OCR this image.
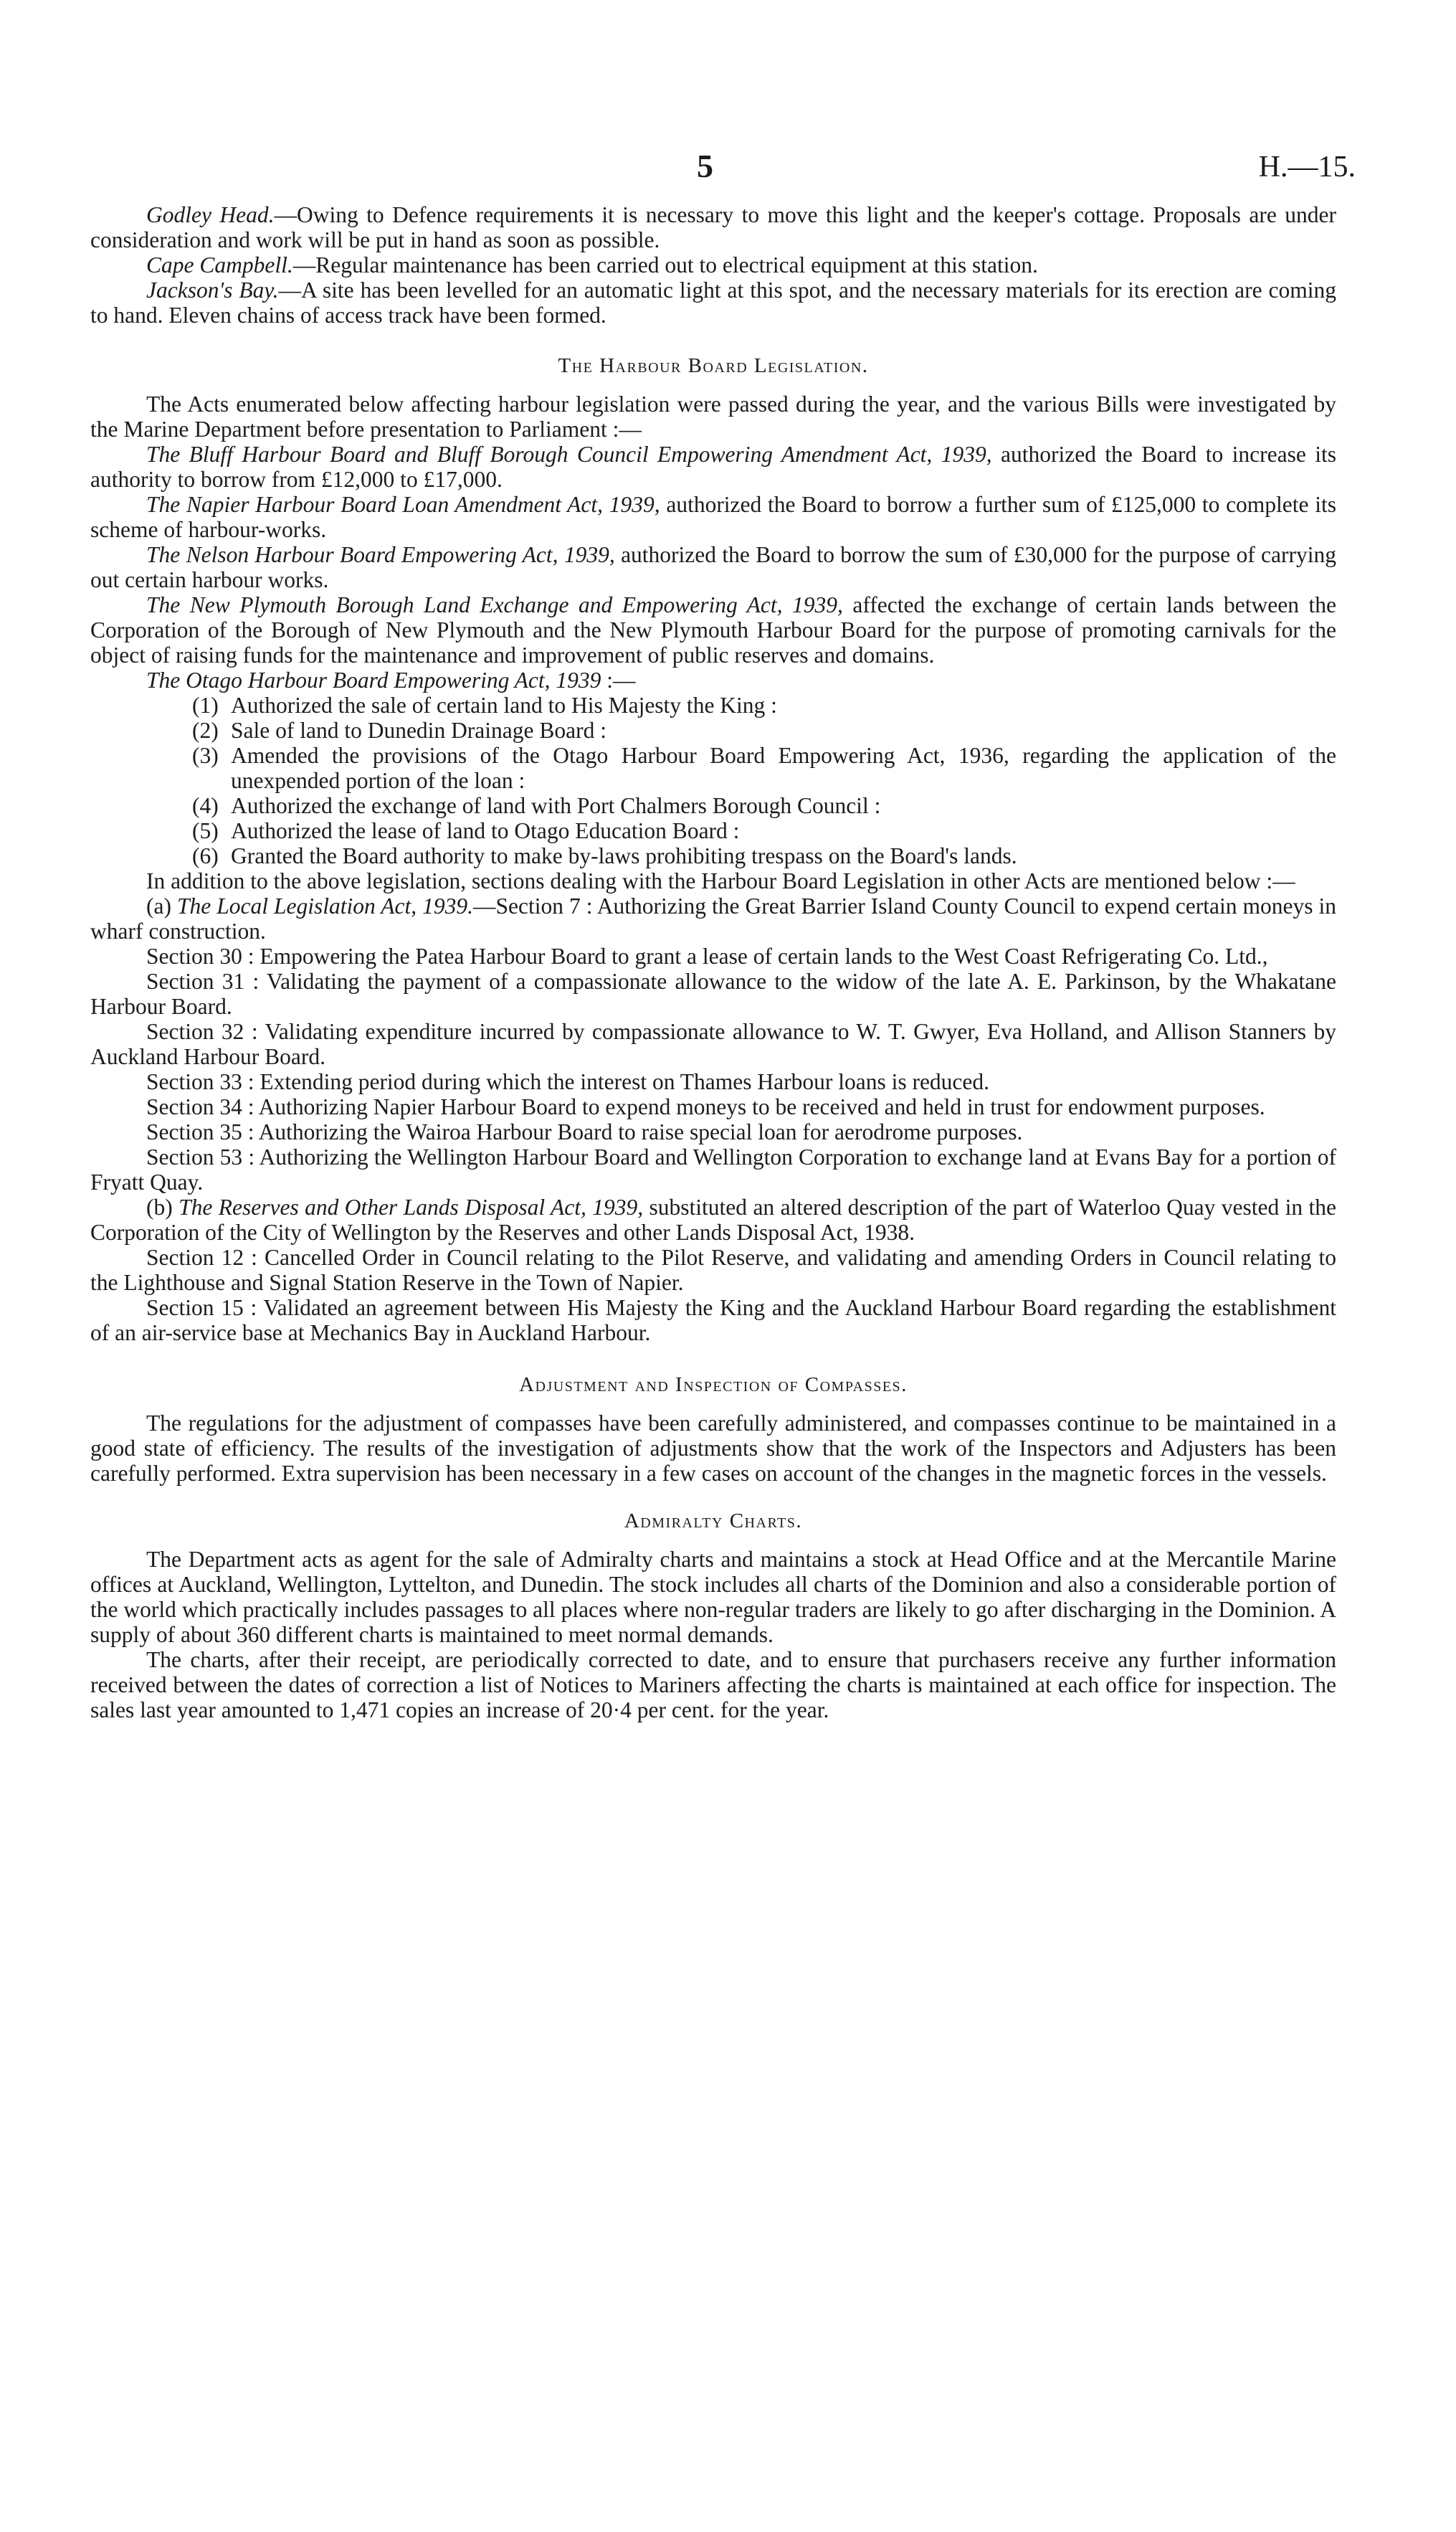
5	H.—15.

Godley Head.—Owing to Defence requirements it is necessary to move this light and the keeper's cottage. Proposals are under consideration and work will be put in hand as soon as possible.

Cape Campbell.—Regular maintenance has been carried out to electrical equipment at this station.

Jackson's Bay.—A site has been levelled for an automatic light at this spot, and the necessary materials for its erection are coming to hand. Eleven chains of access track have been formed.

The Harbour Board Legislation.

The Acts enumerated below affecting harbour legislation were passed during the year, and the various Bills were investigated by the Marine Department before presentation to Parliament :—

The Bluff Harbour Board and Bluff Borough Council Empowering Amendment Act, 1939, authorized the Board to increase its authority to borrow from £12,000 to £17,000.

The Napier Harbour Board Loan Amendment Act, 1939, authorized the Board to borrow a further sum of £125,000 to complete its scheme of harbour-works.

The Nelson Harbour Board Empowering Act, 1939, authorized the Board to borrow the sum of £30,000 for the purpose of carrying out certain harbour works.

The New Plymouth Borough Land Exchange and Empowering Act, 1939, affected the exchange of certain lands between the Corporation of the Borough of New Plymouth and the New Plymouth Harbour Board for the purpose of promoting carnivals for the object of raising funds for the maintenance and improvement of public reserves and domains.

The Otago Harbour Board Empowering Act, 1939 :—

(1) Authorized the sale of certain land to His Majesty the King :

(2) Sale of land to Dunedin Drainage Board :

(3) Amended the provisions of the Otago Harbour Board Empowering Act, 1936, regarding the application of the unexpended portion of the loan :

(4) Authorized the exchange of land with Port Chalmers Borough Council :

(5) Authorized the lease of land to Otago Education Board :

(6) Granted the Board authority to make by-laws prohibiting trespass on the Board's lands.

In addition to the above legislation, sections dealing with the Harbour Board Legislation in other Acts are mentioned below :—

(a) The Local Legislation Act, 1939.—Section 7 : Authorizing the Great Barrier Island County Council to expend certain moneys in wharf construction.

Section 30 : Empowering the Patea Harbour Board to grant a lease of certain lands to the West Coast Refrigerating Co. Ltd.,

Section 31 : Validating the payment of a compassionate allowance to the widow of the late A. E. Parkinson, by the Whakatane Harbour Board.

Section 32 : Validating expenditure incurred by compassionate allowance to W. T. Gwyer, Eva Holland, and Allison Stanners by Auckland Harbour Board.

Section 33 : Extending period during which the interest on Thames Harbour loans is reduced.

Section 34 : Authorizing Napier Harbour Board to expend moneys to be received and held in trust for endowment purposes.

Section 35 : Authorizing the Wairoa Harbour Board to raise special loan for aerodrome purposes.

Section 53 : Authorizing the Wellington Harbour Board and Wellington Corporation to exchange land at Evans Bay for a portion of Fryatt Quay.

(b) The Reserves and Other Lands Disposal Act, 1939, substituted an altered description of the part of Waterloo Quay vested in the Corporation of the City of Wellington by the Reserves and other Lands Disposal Act, 1938.

Section 12 : Cancelled Order in Council relating to the Pilot Reserve, and validating and amending Orders in Council relating to the Lighthouse and Signal Station Reserve in the Town of Napier.

Section 15 : Validated an agreement between His Majesty the King and the Auckland Harbour Board regarding the establishment of an air-service base at Mechanics Bay in Auckland Harbour.

Adjustment and Inspection of Compasses.

The regulations for the adjustment of compasses have been carefully administered, and compasses continue to be maintained in a good state of efficiency. The results of the investigation of adjustments show that the work of the Inspectors and Adjusters has been carefully performed. Extra supervision has been necessary in a few cases on account of the changes in the magnetic forces in the vessels.

Admiralty Charts.

The Department acts as agent for the sale of Admiralty charts and maintains a stock at Head Office and at the Mercantile Marine offices at Auckland, Wellington, Lyttelton, and Dunedin. The stock includes all charts of the Dominion and also a considerable portion of the world which practically includes passages to all places where non-regular traders are likely to go after discharging in the Dominion. A supply of about 360 different charts is maintained to meet normal demands.

The charts, after their receipt, are periodically corrected to date, and to ensure that purchasers receive any further information received between the dates of correction a list of Notices to Mariners affecting the charts is maintained at each office for inspection. The sales last year amounted to 1,471 copies an increase of 20·4 per cent. for the year.
